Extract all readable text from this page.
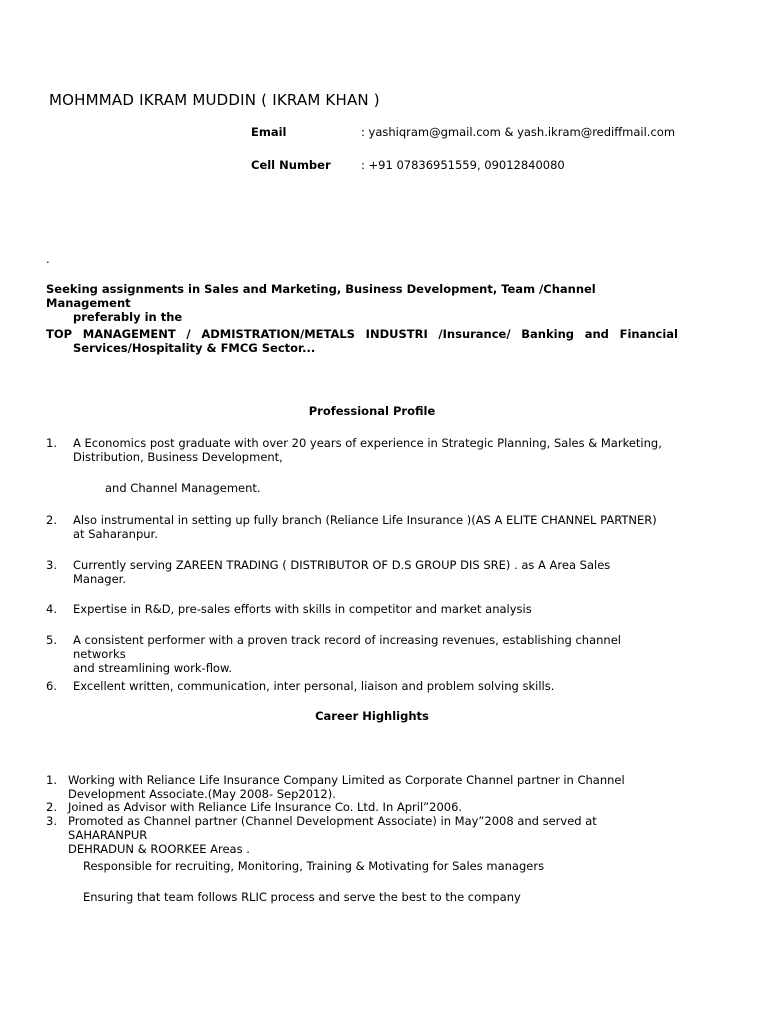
MOHMMAD IKRAM MUDDIN ( IKRAM KHAN )
Email	: yashiqram@gmail.com & yash.ikram@rediffmail.com
Cell Number	: +91 07836951559, 09012840080
.
Seeking assignments in Sales and Marketing, Business Development, Team /Channel Management
preferably in the
TOP MANAGEMENT / ADMISTRATION/METALS INDUSTRI /Insurance/ Banking and Financial
Services/Hospitality & FMCG Sector...
Professional Profile
1. A Economics post graduate with over 20 years of experience in Strategic Planning, Sales & Marketing,
Distribution, Business Development,
and Channel Management.
2. Also instrumental in setting up fully branch (Reliance Life Insurance )(AS A ELITE CHANNEL PARTNER)
at Saharanpur.
3. Currently serving ZAREEN TRADING ( DISTRIBUTOR OF D.S GROUP DIS SRE) . as A Area Sales
Manager.
4. Expertise in R&D, pre-sales efforts with skills in competitor and market analysis
5. A consistent performer with a proven track record of increasing revenues, establishing channel networks
and streamlining work-flow.
6. Excellent written, communication, inter personal, liaison and problem solving skills.
Career Highlights
1. Working with Reliance Life Insurance Company Limited as Corporate Channel partner in Channel
Development Associate.(May 2008- Sep2012).
2. Joined as Advisor with Reliance Life Insurance Co. Ltd. In April”2006.
3. Promoted as Channel partner (Channel Development Associate) in May”2008 and served at SAHARANPUR
DEHRADUN & ROORKEE Areas .
Responsible for recruiting, Monitoring, Training & Motivating for Sales managers
Ensuring that team follows RLIC process and serve the best to the company
